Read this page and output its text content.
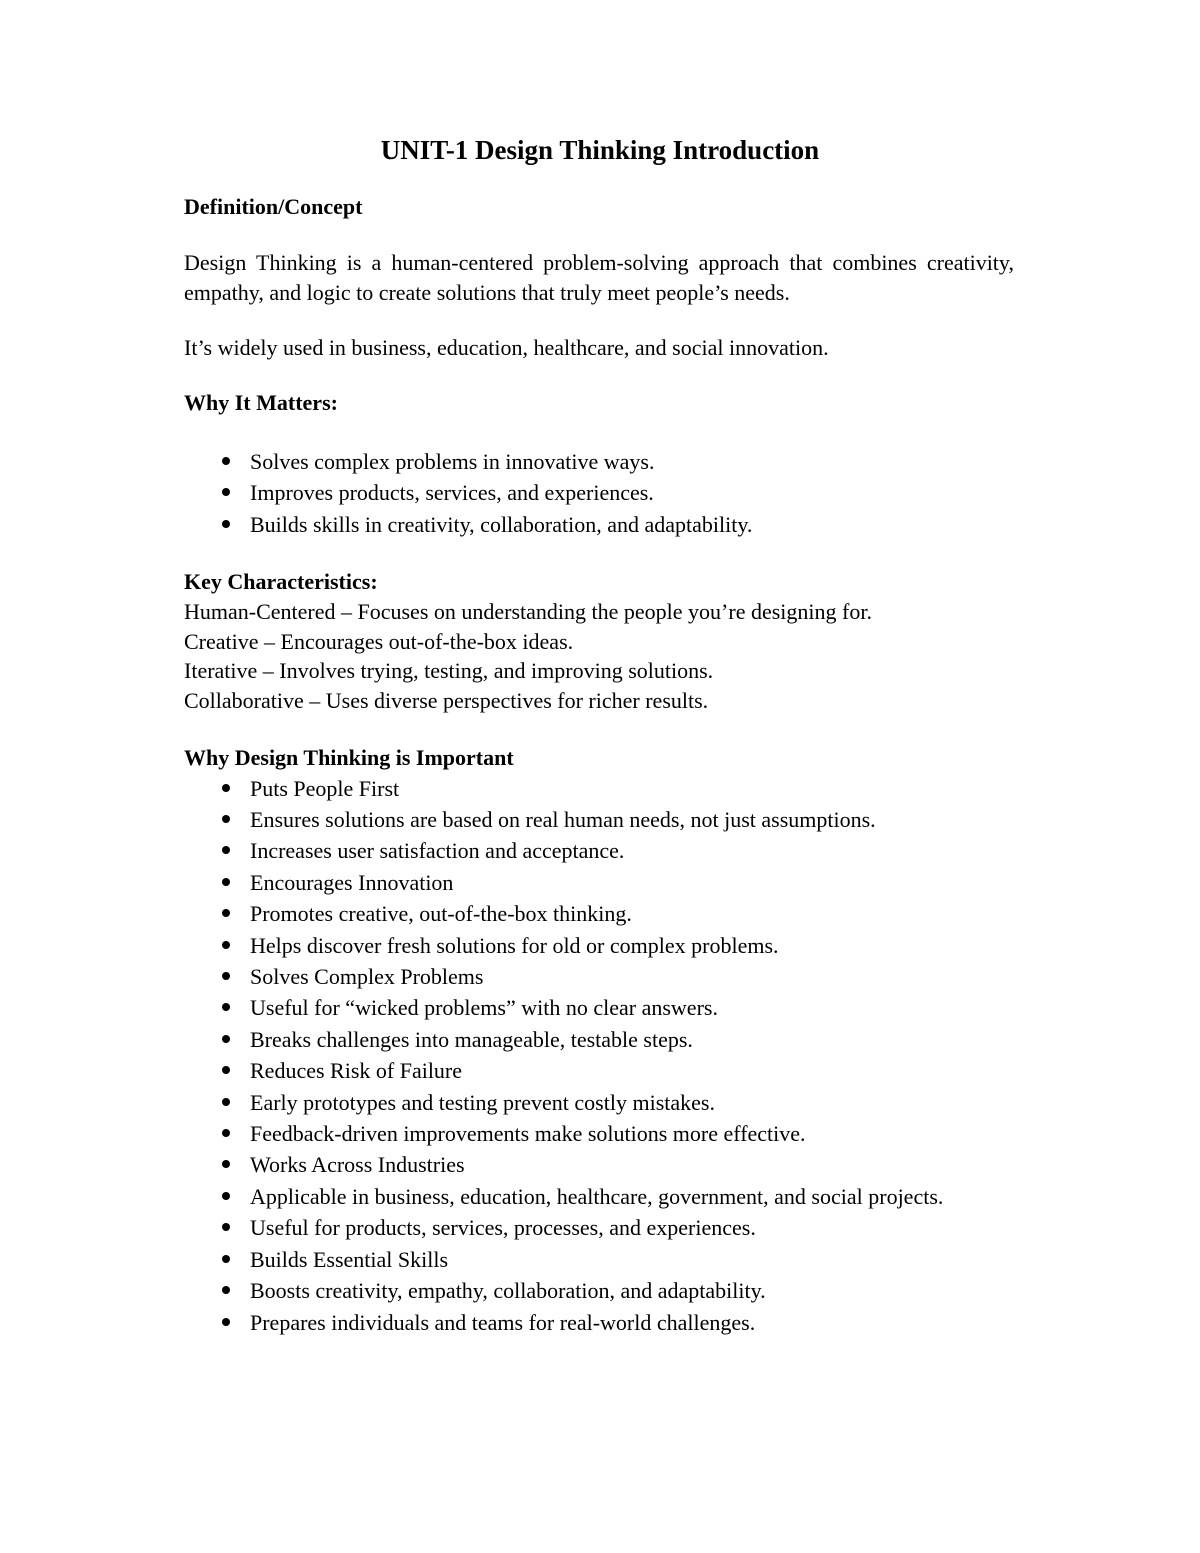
UNIT-1 Design Thinking Introduction

Definition/Concept

Design Thinking is a human-centered problem-solving approach that combines creativity, empathy, and logic to create solutions that truly meet people’s needs.

It’s widely used in business, education, healthcare, and social innovation.

Why It Matters:

Solves complex problems in innovative ways.
Improves products, services, and experiences.
Builds skills in creativity, collaboration, and adaptability.

Key Characteristics:

Human-Centered – Focuses on understanding the people you’re designing for.
Creative – Encourages out-of-the-box ideas.
Iterative – Involves trying, testing, and improving solutions.
Collaborative – Uses diverse perspectives for richer results.

Why Design Thinking is Important

Puts People First
Ensures solutions are based on real human needs, not just assumptions.
Increases user satisfaction and acceptance.
Encourages Innovation
Promotes creative, out-of-the-box thinking.
Helps discover fresh solutions for old or complex problems.
Solves Complex Problems
Useful for “wicked problems” with no clear answers.
Breaks challenges into manageable, testable steps.
Reduces Risk of Failure
Early prototypes and testing prevent costly mistakes.
Feedback-driven improvements make solutions more effective.
Works Across Industries
Applicable in business, education, healthcare, government, and social projects.
Useful for products, services, processes, and experiences.
Builds Essential Skills
Boosts creativity, empathy, collaboration, and adaptability.
Prepares individuals and teams for real-world challenges.
